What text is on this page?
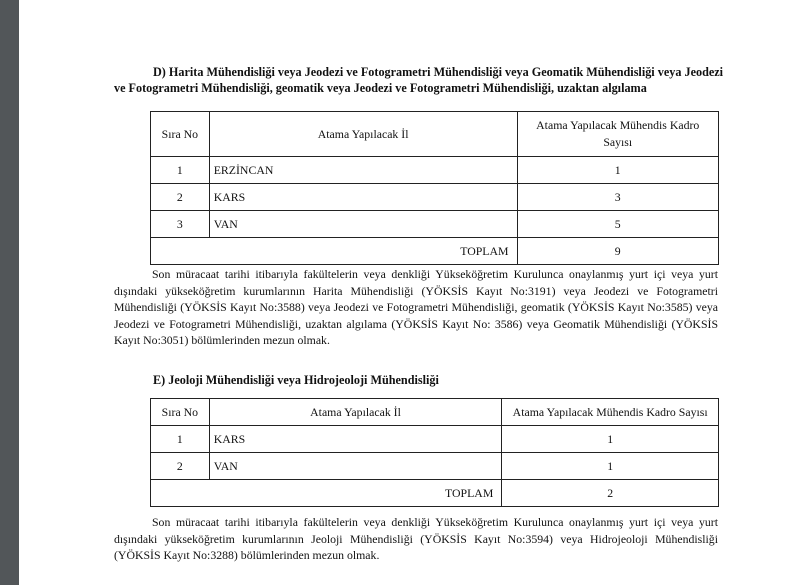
D) Harita Mühendisliği veya Jeodezi ve Fotogrametri Mühendisliği veya Geomatik Mühendisliği veya Jeodezi
ve Fotogrametri Mühendisliği, geomatik veya Jeodezi ve Fotogrametri Mühendisliği, uzaktan algılama
Sıra No	Atama Yapılacak İl	Atama Yapılacak Mühendis Kadro
Sayısı

1	ERZİNCAN	1
2	KARS	3
3	VAN	5
TOPLAM		9
Son müracaat tarihi itibarıyla fakültelerin veya denkliği Yükseköğretim Kurulunca onaylanmış yurt içi veya yurt dışındaki yükseköğretim kurumlarının Harita Mühendisliği (YÖKSİS Kayıt No:3191) veya Jeodezi ve Fotogrametri Mühendisliği (YÖKSİS Kayıt No:3588) veya Jeodezi ve Fotogrametri Mühendisliği, geomatik (YÖKSİS Kayıt No:3585) veya Jeodezi ve Fotogrametri Mühendisliği, uzaktan algılama (YÖKSİS Kayıt No: 3586) veya Geomatik Mühendisliği (YÖKSİS Kayıt No:3051) bölümlerinden mezun olmak.
E) Jeoloji Mühendisliği veya Hidrojeoloji Mühendisliği
Sıra No	Atama Yapılacak İl	Atama Yapılacak Mühendis Kadro Sayısı
1	KARS	1
2	VAN	1
TOPLAM		2
Son müracaat tarihi itibarıyla fakültelerin veya denkliği Yükseköğretim Kurulunca onaylanmış yurt içi veya yurt dışındaki yükseköğretim kurumlarının Jeoloji Mühendisliği (YÖKSİS Kayıt No:3594) veya Hidrojeoloji Mühendisliği (YÖKSİS Kayıt No:3288) bölümlerinden mezun olmak.
